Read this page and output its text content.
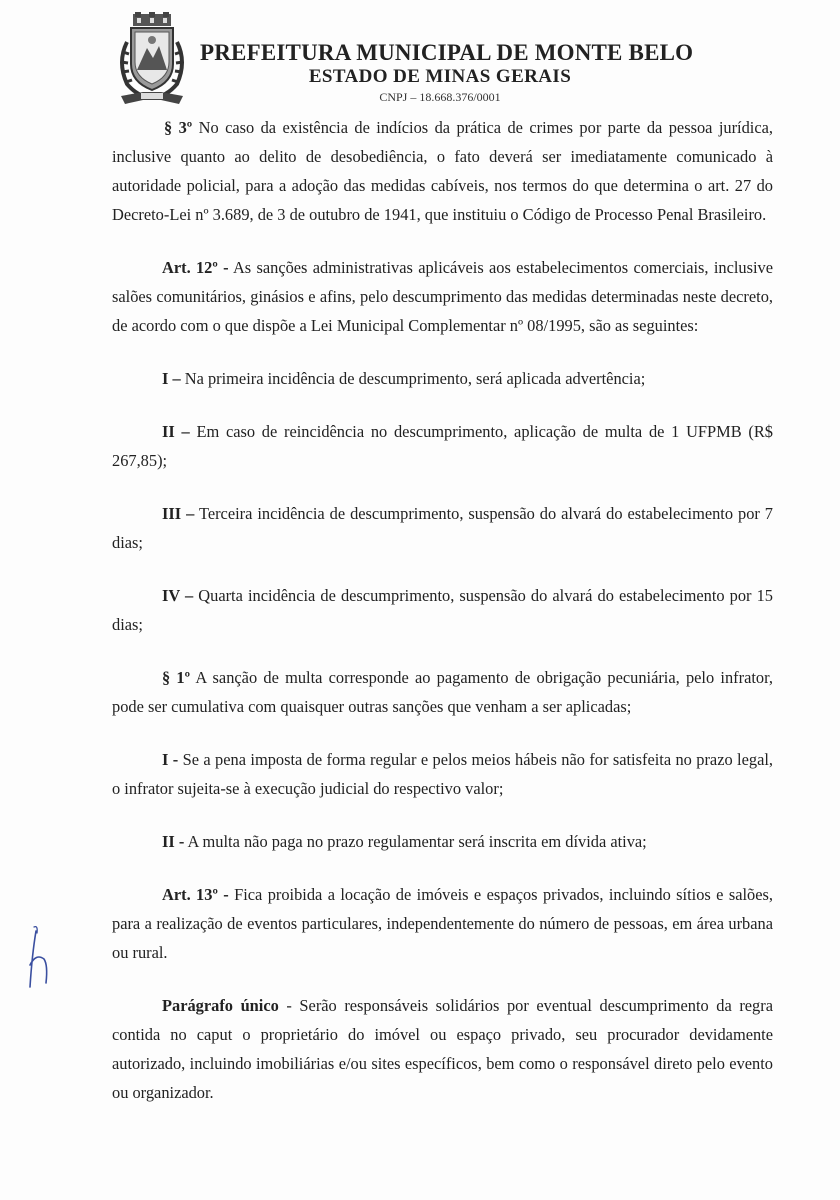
PREFEITURA MUNICIPAL DE MONTE BELO
ESTADO DE MINAS GERAIS
CNPJ – 18.668.376/0001

§ 3º No caso da existência de indícios da prática de crimes por parte da pessoa jurídica, inclusive quanto ao delito de desobediência, o fato deverá ser imediatamente comunicado à autoridade policial, para a adoção das medidas cabíveis, nos termos do que determina o art. 27 do Decreto-Lei nº 3.689, de 3 de outubro de 1941, que instituiu o Código de Processo Penal Brasileiro.

Art. 12º - As sanções administrativas aplicáveis aos estabelecimentos comerciais, inclusive salões comunitários, ginásios e afins, pelo descumprimento das medidas determinadas neste decreto, de acordo com o que dispõe a Lei Municipal Complementar nº 08/1995, são as seguintes:

I – Na primeira incidência de descumprimento, será aplicada advertência;

II – Em caso de reincidência no descumprimento, aplicação de multa de 1 UFPMB (R$ 267,85);

III – Terceira incidência de descumprimento, suspensão do alvará do estabelecimento por 7 dias;

IV – Quarta incidência de descumprimento, suspensão do alvará do estabelecimento por 15 dias;

§ 1º A sanção de multa corresponde ao pagamento de obrigação pecuniária, pelo infrator, pode ser cumulativa com quaisquer outras sanções que venham a ser aplicadas;

I - Se a pena imposta de forma regular e pelos meios hábeis não for satisfeita no prazo legal, o infrator sujeita-se à execução judicial do respectivo valor;

II - A multa não paga no prazo regulamentar será inscrita em dívida ativa;

Art. 13º - Fica proibida a locação de imóveis e espaços privados, incluindo sítios e salões, para a realização de eventos particulares, independentemente do número de pessoas, em área urbana ou rural.

Parágrafo único - Serão responsáveis solidários por eventual descumprimento da regra contida no caput o proprietário do imóvel ou espaço privado, seu procurador devidamente autorizado, incluindo imobiliárias e/ou sites específicos, bem como o responsável direto pelo evento ou organizador.
